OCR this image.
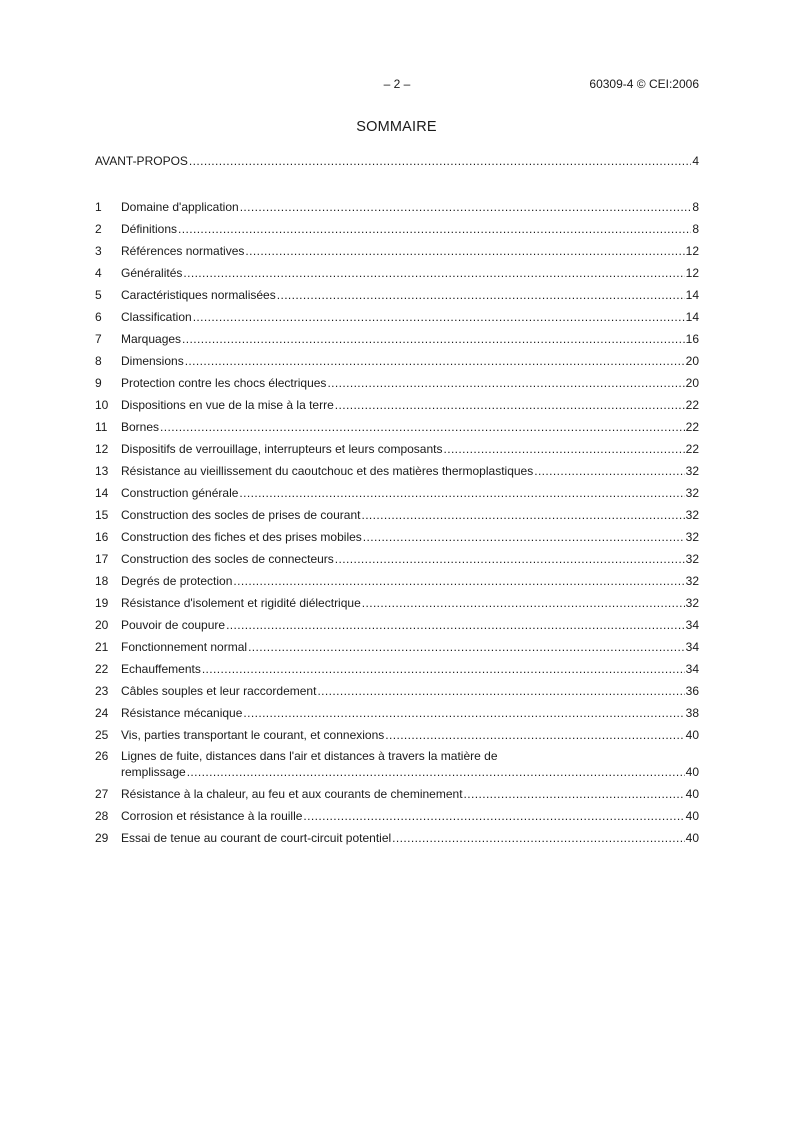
– 2 –	60309-4 © CEI:2006
SOMMAIRE
AVANT-PROPOS .....	4
1 Domaine d'application .....	8
2 Définitions .....	8
3 Références normatives .....	12
4 Généralités .....	12
5 Caractéristiques normalisées .....	14
6 Classification .....	14
7 Marquages .....	16
8 Dimensions .....	20
9 Protection contre les chocs électriques .....	20
10 Dispositions en vue de la mise à la terre .....	22
11 Bornes .....	22
12 Dispositifs de verrouillage, interrupteurs et leurs composants .....	22
13 Résistance au vieillissement du caoutchouc et des matières thermoplastiques .....	32
14 Construction générale .....	32
15 Construction des socles de prises de courant .....	32
16 Construction des fiches et des prises mobiles .....	32
17 Construction des socles de connecteurs .....	32
18 Degrés de protection .....	32
19 Résistance d'isolement et rigidité diélectrique .....	32
20 Pouvoir de coupure .....	34
21 Fonctionnement normal .....	34
22 Echauffements .....	34
23 Câbles souples et leur raccordement .....	36
24 Résistance mécanique .....	38
25 Vis, parties transportant le courant, et connexions .....	40
26 Lignes de fuite, distances dans l'air et distances à travers la matière de
remplissage .....	40
27 Résistance à la chaleur, au feu et aux courants de cheminement .....	40
28 Corrosion et résistance à la rouille .....	40
29 Essai de tenue au courant de court-circuit potentiel .....	40
